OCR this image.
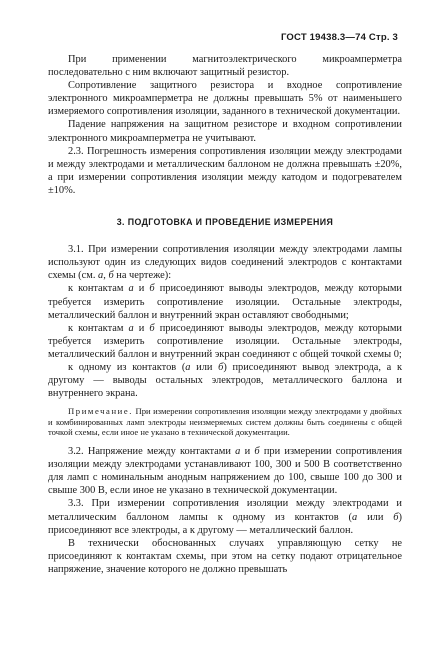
ГОСТ 19438.3—74 Стр. 3

При применении магнитоэлектрического микроамперметра последовательно с ним включают защитный резистор.

Сопротивление защитного резистора и входное сопротивление электронного микроамперметра не должны превышать 5% от наименьшего измеряемого сопротивления изоляции, заданного в технической документации.

Падение напряжения на защитном резисторе и входном сопротивлении электронного микроамперметра не учитывают.

2.3. Погрешность измерения сопротивления изоляции между электродами и между электродами и металлическим баллоном не должна превышать ±20%, а при измерении сопротивления изоляции между катодом и подогревателем ±10%.

3. ПОДГОТОВКА И ПРОВЕДЕНИЕ ИЗМЕРЕНИЯ

3.1. При измерении сопротивления изоляции между электродами лампы используют один из следующих видов соединений электродов с контактами схемы (см. а, б на чертеже):

к контактам а и б присоединяют выводы электродов, между которыми требуется измерить сопротивление изоляции. Остальные электроды, металлический баллон и внутренний экран оставляют свободными;

к контактам а и б присоединяют выводы электродов, между которыми требуется измерить сопротивление изоляции. Остальные электроды, металлический баллон и внутренний экран соединяют с общей точкой схемы 0;

к одному из контактов (а или б) присоединяют вывод электрода, а к другому — выводы остальных электродов, металлического баллона и внутреннего экрана.

Примечание. При измерении сопротивления изоляции между электродами у двойных и комбинированных ламп электроды неизмеряемых систем должны быть соединены с общей точкой схемы, если иное не указано в технической документации.

3.2. Напряжение между контактами а и б при измерении сопротивления изоляции между электродами устанавливают 100, 300 и 500 В соответственно для ламп с номинальным анодным напряжением до 100, свыше 100 до 300 и свыше 300 В, если иное не указано в технической документации.

3.3. При измерении сопротивления изоляции между электродами и металлическим баллоном лампы к одному из контактов (а или б) присоединяют все электроды, а к другому — металлический баллон.

В технически обоснованных случаях управляющую сетку не присоединяют к контактам схемы, при этом на сетку подают отрицательное напряжение, значение которого не должно превышать
